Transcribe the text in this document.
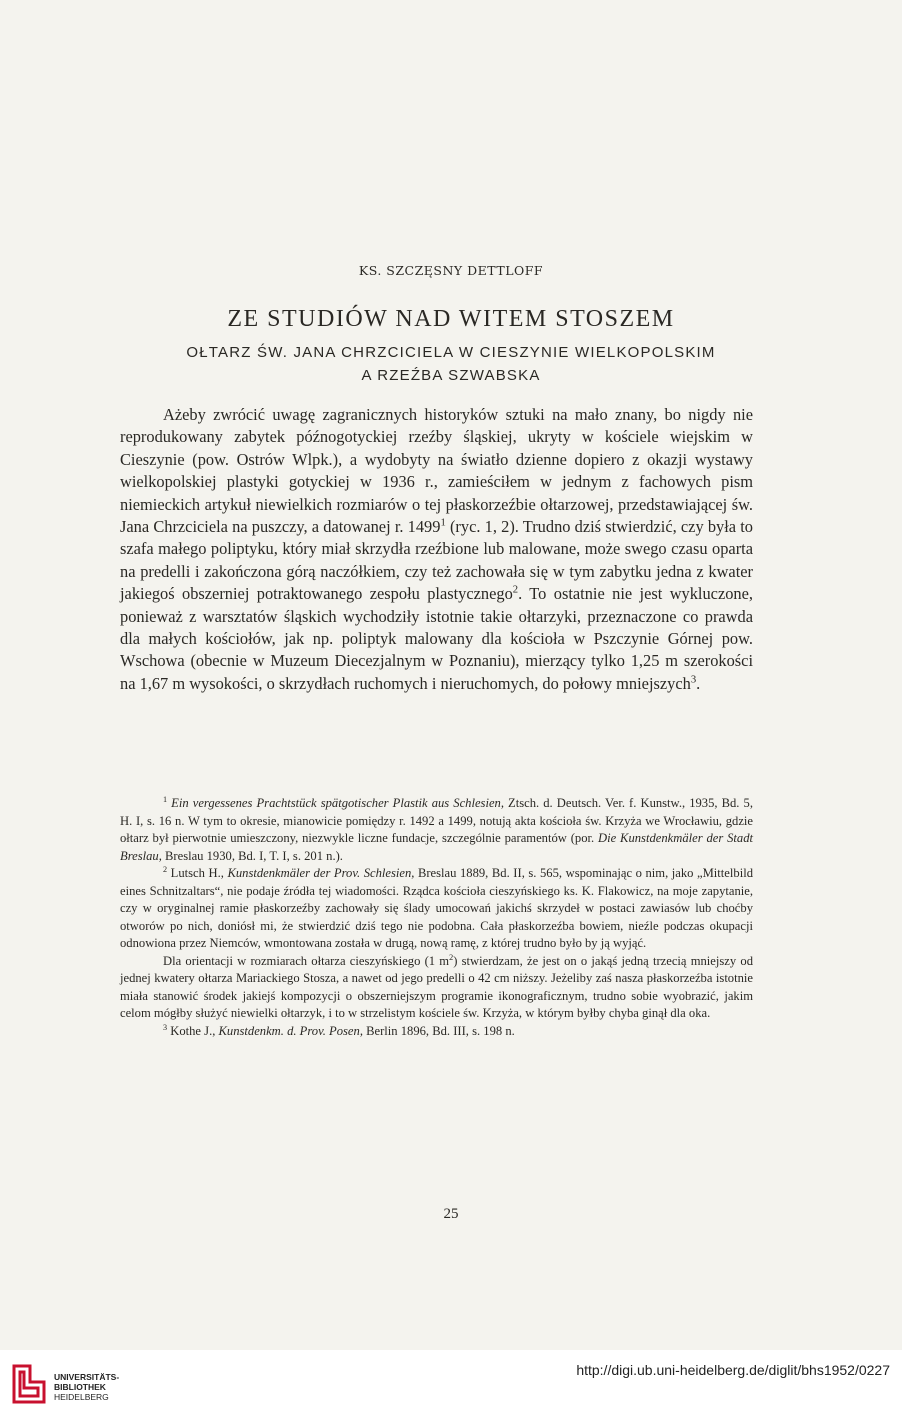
KS. SZCZĘSNY DETTLOFF
ZE STUDIÓW NAD WITEM STOSZEM
OŁTARZ ŚW. JANA CHRZCICIELA W CIESZYNIE WIELKOPOLSKIM
A RZEŹBA SZWABSKA

Ażeby zwrócić uwagę zagranicznych historyków sztuki na mało znany, bo nigdy nie reprodukowany zabytek późnogotyckiej rzeźby śląskiej, ukryty w kościele wiejskim w Cieszynie (pow. Ostrów Wlpk.), a wydobyty na światło dzienne dopiero z okazji wystawy wielkopolskiej plastyki gotyckiej w 1936 r., zamieściłem w jednym z fachowych pism niemieckich artykuł niewielkich rozmiarów o tej płaskorzeźbie ołtarzowej, przedstawiającej św. Jana Chrzciciela na puszczy, a datowanej r. 1499$^1$ (ryc. 1, 2). Trudno dziś stwierdzić, czy była to szafa małego poliptyku, który miał skrzydła rzeźbione lub malowane, może swego czasu oparta na predelli i zakończona górą naczółkiem, czy też zachowała się w tym zabytku jedna z kwater jakiegoś obszerniej potraktowanego zespołu plastycznego$^2$. To ostatnie nie jest wykluczone, ponieważ z warsztatów śląskich wychodziły istotnie takie ołtarzyki, przeznaczone co prawda dla małych kościołów, jak np. poliptyk malowany dla kościoła w Pszczynie Górnej pow. Wschowa (obecnie w Muzeum Diecezjalnym w Poznaniu), mierzący tylko 1,25 m szerokości na 1,67 m wysokości, o skrzydłach ruchomych i nieruchomych, do połowy mniejszych$^3$.

$^1$ Ein vergessenes Prachtstück spätgotischer Plastik aus Schlesien, Ztsch. d. Deutsch. Ver. f. Kunstw., 1935, Bd. 5, H. I, s. 16 n. W tym to okresie, mianowicie pomiędzy r. 1492 a 1499, notują akta kościoła św. Krzyża we Wrocławiu, gdzie ołtarz był pierwotnie umieszczony, niezwykle liczne fundacje, szczególnie paramentów (por. Die Kunstdenkmäler der Stadt Breslau, Breslau 1930, Bd. I, T. I, s. 201 n.).

$^2$ Lutsch H., Kunstdenkmäler der Prov. Schlesien, Breslau 1889, Bd. II, s. 565, wspominając o nim, jako „Mittelbild eines Schnitzaltars“, nie podaje źródła tej wiadomości. Rządca kościoła cieszyńskiego ks. K. Flakowicz, na moje zapytanie, czy w oryginalnej ramie płaskorzeźby zachowały się ślady umocowań jakichś skrzydeł w postaci zawiasów lub choćby otworów po nich, doniósł mi, że stwierdzić dziś tego nie podobna. Cała płaskorzeźba bowiem, nieźle podczas okupacji odnowiona przez Niemców, wmontowana została w drugą, nową ramę, z której trudno było by ją wyjąć.

Dla orientacji w rozmiarach ołtarza cieszyńskiego (1 $m^2$) stwierdzam, że jest on o jakąś jedną trzecią mniejszy od jednej kwatery ołtarza Mariackiego Stosza, a nawet od jego predelli o 42 cm niższy. Jeżeliby zaś nasza płaskorzeźba istotnie miała stanowić środek jakiejś kompozycji o obszerniejszym programie ikonograficznym, trudno sobie wyobrazić, jakim celom mógłby służyć niewielki ołtarzyk, i to w strzelistym kościele św. Krzyża, w którym byłby chyba ginął dla oka.

$^3$ Kothe J., Kunstdenkm. d. Prov. Posen, Berlin 1896, Bd. III, s. 198 n.

25
UNIVERSITÄTS-
BIBLIOTHEK
HEIDELBERG
http://digi.ub.uni-heidelberg.de/diglit/bhs1952/0227
